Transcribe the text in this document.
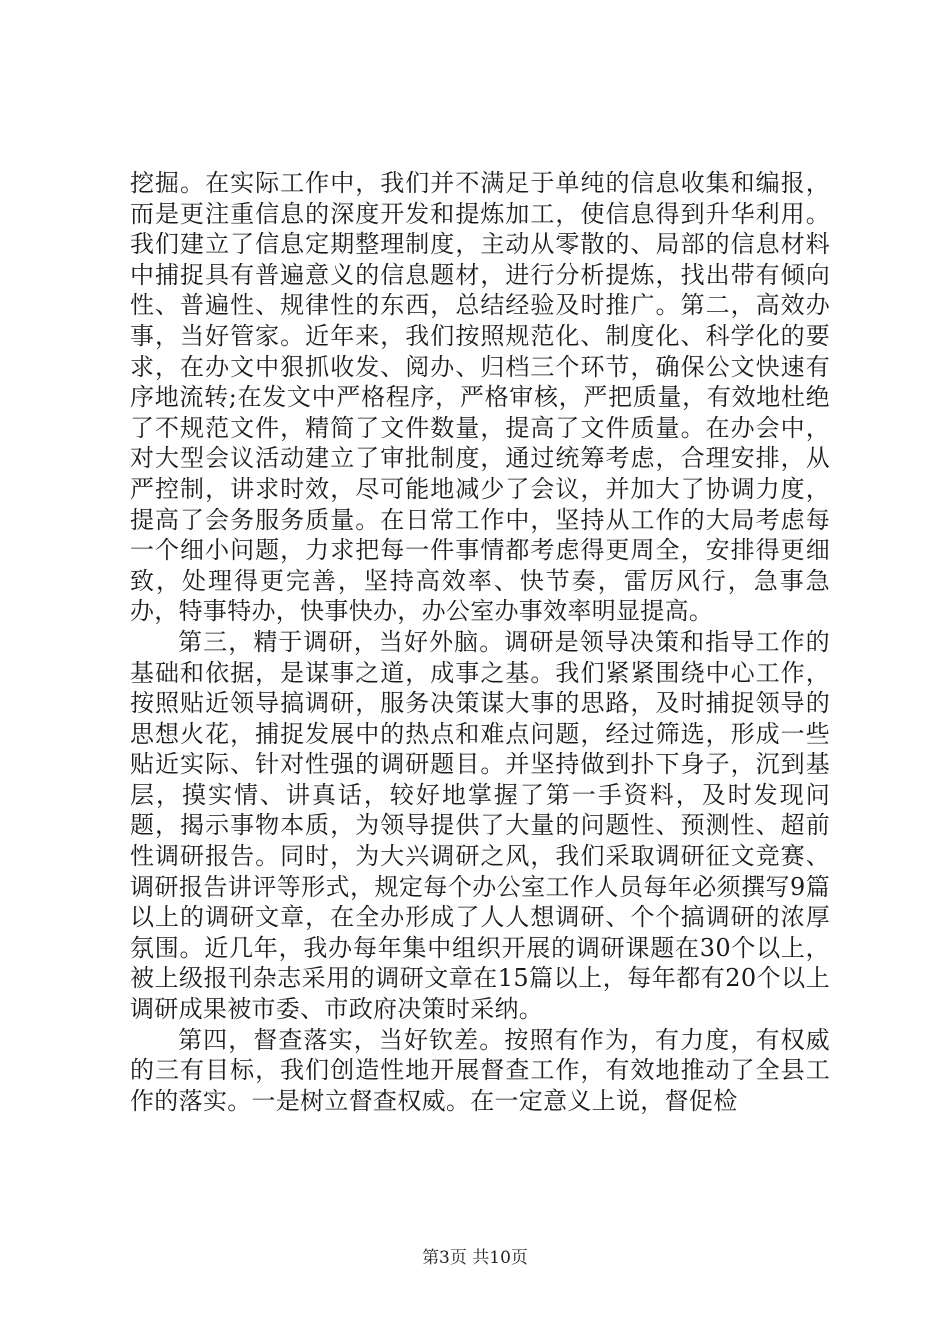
挖掘。在实际工作中，我们并不满足于单纯的信息收集和编报，而是更注重信息的深度开发和提炼加工，使信息得到升华利用。我们建立了信息定期整理制度，主动从零散的、局部的信息材料中捕捉具有普遍意义的信息题材，进行分析提炼，找出带有倾向性、普遍性、规律性的东西，总结经验及时推广。第二，高效办事，当好管家。近年来，我们按照规范化、制度化、科学化的要求，在办文中狠抓收发、阅办、归档三个环节，确保公文快速有序地流转;在发文中严格程序，严格审核，严把质量，有效地杜绝了不规范文件，精简了文件数量，提高了文件质量。在办会中，对大型会议活动建立了审批制度，通过统筹考虑，合理安排，从严控制，讲求时效，尽可能地减少了会议，并加大了协调力度，提高了会务服务质量。在日常工作中，坚持从工作的大局考虑每一个细小问题，力求把每一件事情都考虑得更周全，安排得更细致，处理得更完善，坚持高效率、快节奏，雷厉风行，急事急办，特事特办，快事快办，办公室办事效率明显提高。

第三，精于调研，当好外脑。调研是领导决策和指导工作的基础和依据，是谋事之道，成事之基。我们紧紧围绕中心工作，按照贴近领导搞调研，服务决策谋大事的思路，及时捕捉领导的思想火花，捕捉发展中的热点和难点问题，经过筛选，形成一些贴近实际、针对性强的调研题目。并坚持做到扑下身子，沉到基层，摸实情、讲真话，较好地掌握了第一手资料，及时发现问题，揭示事物本质，为领导提供了大量的问题性、预测性、超前性调研报告。同时，为大兴调研之风，我们采取调研征文竞赛、调研报告讲评等形式，规定每个办公室工作人员每年必须撰写9篇以上的调研文章，在全办形成了人人想调研、个个搞调研的浓厚氛围。近几年，我办每年集中组织开展的调研课题在30个以上，被上级报刊杂志采用的调研文章在15篇以上，每年都有20个以上调研成果被市委、市政府决策时采纳。

第四，督查落实，当好钦差。按照有作为，有力度，有权威的三有目标，我们创造性地开展督查工作，有效地推动了全县工作的落实。一是树立督查权威。在一定意义上说，督促检

第3页 共10页
